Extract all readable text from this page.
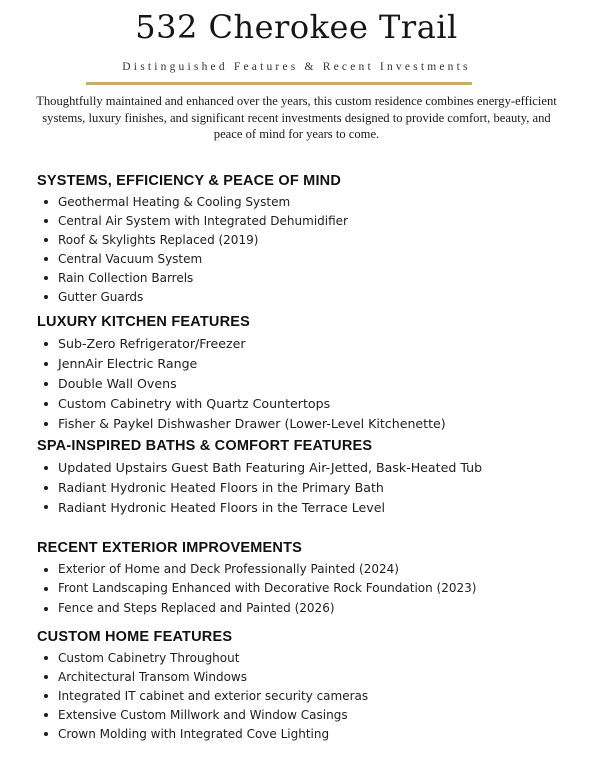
532 Cherokee Trail
Distinguished Features & Recent Investments
Thoughtfully maintained and enhanced over the years, this custom residence combines energy-efficient systems, luxury finishes, and significant recent investments designed to provide comfort, beauty, and peace of mind for years to come.
SYSTEMS, EFFICIENCY & PEACE OF MIND
Geothermal Heating & Cooling System
Central Air System with Integrated Dehumidifier
Roof & Skylights Replaced (2019)
Central Vacuum System
Rain Collection Barrels
Gutter Guards
LUXURY KITCHEN FEATURES
Sub-Zero Refrigerator/Freezer
JennAir Electric Range
Double Wall Ovens
Custom Cabinetry with Quartz Countertops
Fisher & Paykel Dishwasher Drawer (Lower-Level Kitchenette)
SPA-INSPIRED BATHS & COMFORT FEATURES
Updated Upstairs Guest Bath Featuring Air-Jetted, Bask-Heated Tub
Radiant Hydronic Heated Floors in the Primary Bath
Radiant Hydronic Heated Floors in the Terrace Level
RECENT EXTERIOR IMPROVEMENTS
Exterior of Home and Deck Professionally Painted (2024)
Front Landscaping Enhanced with Decorative Rock Foundation (2023)
Fence and Steps Replaced and Painted (2026)
CUSTOM HOME FEATURES
Custom Cabinetry Throughout
Architectural Transom Windows
Integrated IT cabinet and exterior security cameras
Extensive Custom Millwork and Window Casings
Crown Molding with Integrated Cove Lighting
